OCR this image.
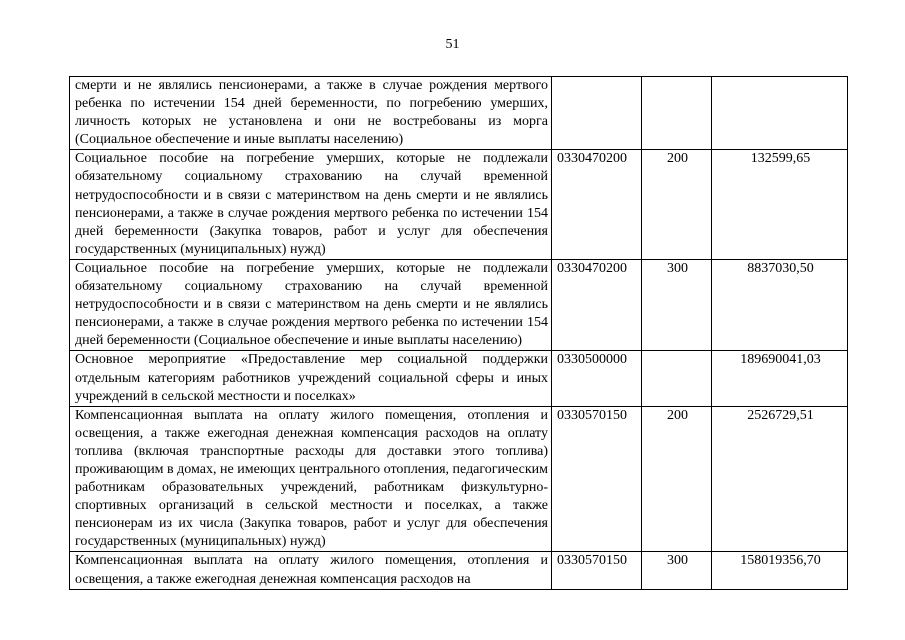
51
смерти и не являлись пенсионерами, а также в случае рождения мертвого ребенка по истечении 154 дней беременности, по погребению умерших, личность которых не установлена и они не востребованы из морга (Социальное обеспечение и иные выплаты населению)			
Социальное пособие на погребение умерших, которые не подлежали обязательному социальному страхованию на случай временной нетрудоспособности и в связи с материнством на день смерти и не являлись пенсионерами, а также в случае рождения мертвого ребенка по истечении 154 дней беременности (Закупка товаров, работ и услуг для обеспечения государственных (муниципальных) нужд)	0330470200	200	132599,65
Социальное пособие на погребение умерших, которые не подлежали обязательному социальному страхованию на случай временной нетрудоспособности и в связи с материнством на день смерти и не являлись пенсионерами, а также в случае рождения мертвого ребенка по истечении 154 дней беременности (Социальное обеспечение и иные выплаты населению)	0330470200	300	8837030,50
Основное мероприятие «Предоставление мер социальной поддержки отдельным категориям работников учреждений социальной сферы и иных учреждений в сельской местности и поселках»	0330500000		189690041,03
Компенсационная выплата на оплату жилого помещения, отопления и освещения, а также ежегодная денежная компенсация расходов на оплату топлива (включая транспортные расходы для доставки этого топлива) проживающим в домах, не имеющих центрального отопления, педагогическим работникам образовательных учреждений, работникам физкультурно-спортивных организаций в сельской местности и поселках, а также пенсионерам из их числа (Закупка товаров, работ и услуг для обеспечения государственных (муниципальных) нужд)	0330570150	200	2526729,51
Компенсационная выплата на оплату жилого помещения, отопления и освещения, а также ежегодная денежная компенсация расходов на	0330570150	300	158019356,70
